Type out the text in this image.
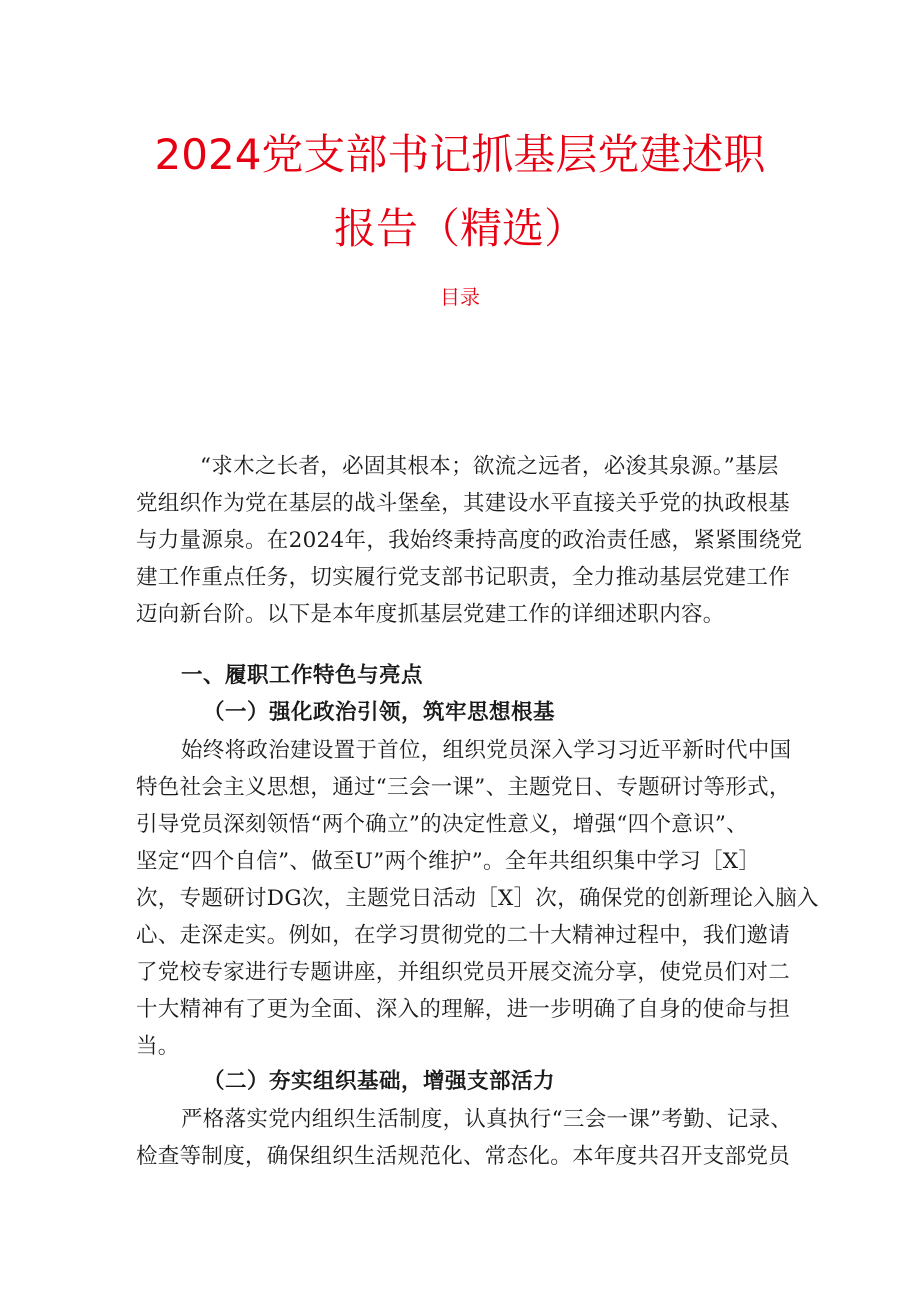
2024党支部书记抓基层党建述职
报告（精选）
目录
“求木之长者，必固其根本；欲流之远者，必浚其泉源。”基层
党组织作为党在基层的战斗堡垒，其建设水平直接关乎党的执政根基
与力量源泉。在2024年，我始终秉持高度的政治责任感，紧紧围绕党
建工作重点任务，切实履行党支部书记职责，全力推动基层党建工作
迈向新台阶。以下是本年度抓基层党建工作的详细述职内容。
一、履职工作特色与亮点
（一）强化政治引领，筑牢思想根基
始终将政治建设置于首位，组织党员深入学习习近平新时代中国
特色社会主义思想，通过“三会一课”、主题党日、专题研讨等形式，
引导党员深刻领悟“两个确立”的决定性意义，增强“四个意识”、
坚定“四个自信”、做至U”两个维护”。全年共组织集中学习［X］
次，专题研讨DG次，主题党日活动［X］次，确保党的创新理论入脑入
心、走深走实。例如，在学习贯彻党的二十大精神过程中，我们邀请
了党校专家进行专题讲座，并组织党员开展交流分享，使党员们对二
十大精神有了更为全面、深入的理解，进一步明确了自身的使命与担
当。
（二）夯实组织基础，增强支部活力
严格落实党内组织生活制度，认真执行“三会一课”考勤、记录、
检查等制度，确保组织生活规范化、常态化。本年度共召开支部党员
